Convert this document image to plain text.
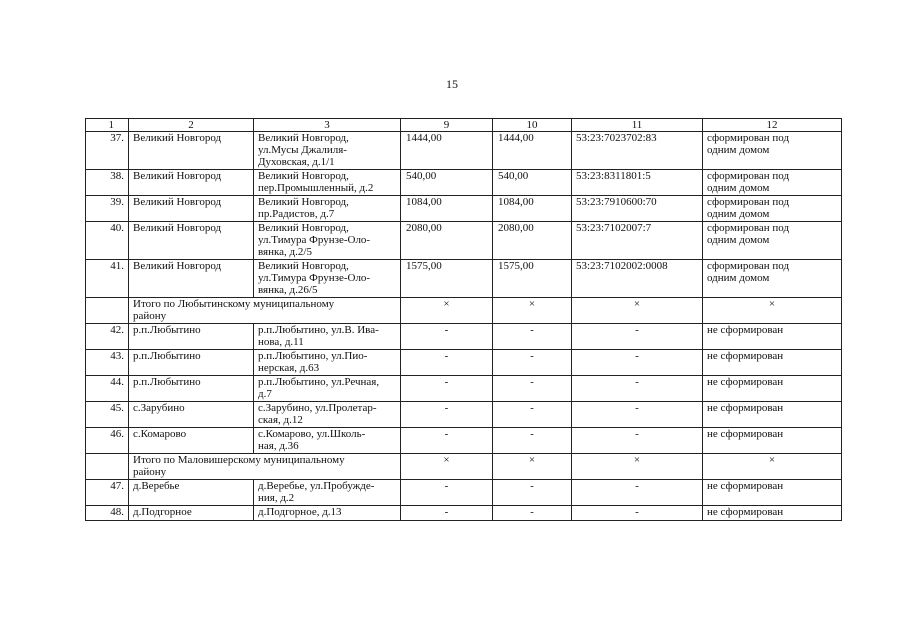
15
1	2	3	9	10	11	12
37.	Великий Новгород	Великий Новгород,
ул.Мусы Джалиля-
Духовская, д.1/1	1444,00	1444,00	53:23:7023702:83	сформирован под
одним домом
38.	Великий Новгород	Великий Новгород,
пер.Промышленный, д.2	540,00	540,00	53:23:8311801:5	сформирован под
одним домом
39.	Великий Новгород	Великий Новгород,
пр.Радистов, д.7	1084,00	1084,00	53:23:7910600:70	сформирован под
одним домом
40.	Великий Новгород	Великий Новгород,
ул.Тимура Фрунзе-Оло-
вянка, д.2/5	2080,00	2080,00	53:23:7102007:7	сформирован под
одним домом
41.	Великий Новгород	Великий Новгород,
ул.Тимура Фрунзе-Оло-
вянка, д.26/5	1575,00	1575,00	53:23:7102002:0008	сформирован под
одним домом
	Итого по Любытинскому муниципальному
району		×	×	×	×
42.	р.п.Любытино	р.п.Любытино, ул.В. Ива-
нова, д.11	-	-	-	не сформирован
43.	р.п.Любытино	р.п.Любытино, ул.Пио-
нерская, д.63	-	-	-	не сформирован
44.	р.п.Любытино	р.п.Любытино, ул.Речная,
д.7	-	-	-	не сформирован
45.	с.Зарубино	с.Зарубино, ул.Пролетар-
ская, д.12	-	-	-	не сформирован
46.	с.Комарово	с.Комарово, ул.Школь-
ная, д.36	-	-	-	не сформирован
	Итого по Маловишерскому муниципальному
району		×	×	×	×
47.	д.Веребье	д.Веребье, ул.Пробужде-
ния, д.2	-	-	-	не сформирован
48.	д.Подгорное	д.Подгорное, д.13	-	-	-	не сформирован
